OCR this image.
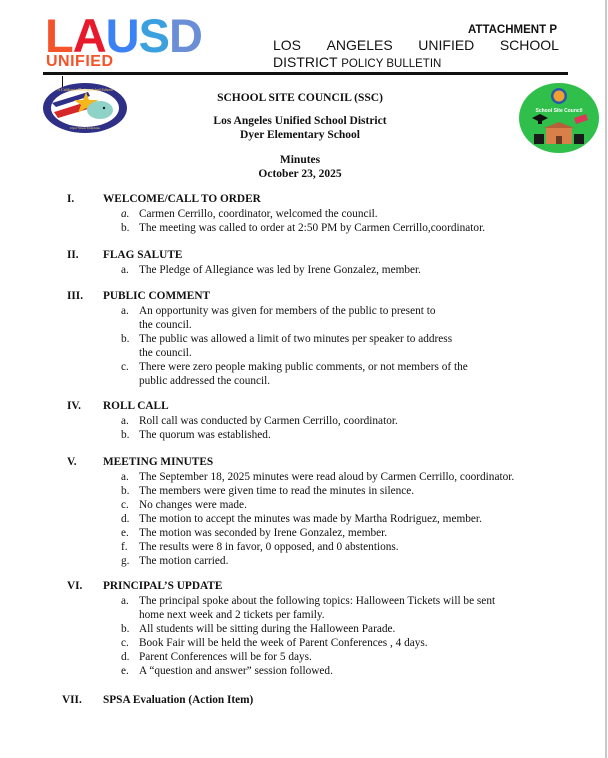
LAUSD
UNIFIED
ATTACHMENT P
LOS ANGELES UNIFIED SCHOOL
DISTRICT POLICY BULLETIN
A California Distinguished School
Dyer Street Dolphins
School Site Council
SCHOOL SITE COUNCIL (SSC)
Los Angeles Unified School District
Dyer Elementary School
Minutes
October 23, 2025
I.	WELCOME/CALL TO ORDER
a. Carmen Cerrillo, coordinator, welcomed the council.
b. The meeting was called to order at 2:50 PM by Carmen Cerrillo,coordinator.
II. FLAG SALUTE
a. The Pledge of Allegiance was led by Irene Gonzalez, member.
III. PUBLIC COMMENT
a. An opportunity was given for members of the public to present to
the council.
b. The public was allowed a limit of two minutes per speaker to address
the council.
c. There were zero people making public comments, or not members of the
public addressed the council.
IV. ROLL CALL
a. Roll call was conducted by Carmen Cerrillo, coordinator.
b. The quorum was established.
V. MEETING MINUTES
a. The September 18, 2025 minutes were read aloud by Carmen Cerrillo, coordinator.
b. The members were given time to read the minutes in silence.
c. No changes were made.
d. The motion to accept the minutes was made by Martha Rodriguez, member.
e. The motion was seconded by Irene Gonzalez, member.
f. The results were 8 in favor, 0 opposed, and 0 abstentions.
g. The motion carried.
VI. PRINCIPAL’S UPDATE
a. The principal spoke about the following topics: Halloween Tickets will be sent
home next week and 2 tickets per family.
b. All students will be sitting during the Halloween Parade.
c. Book Fair will be held the week of Parent Conferences , 4 days.
d. Parent Conferences will be for 5 days.
e. A “question and answer” session followed.
VII. SPSA Evaluation (Action Item)
